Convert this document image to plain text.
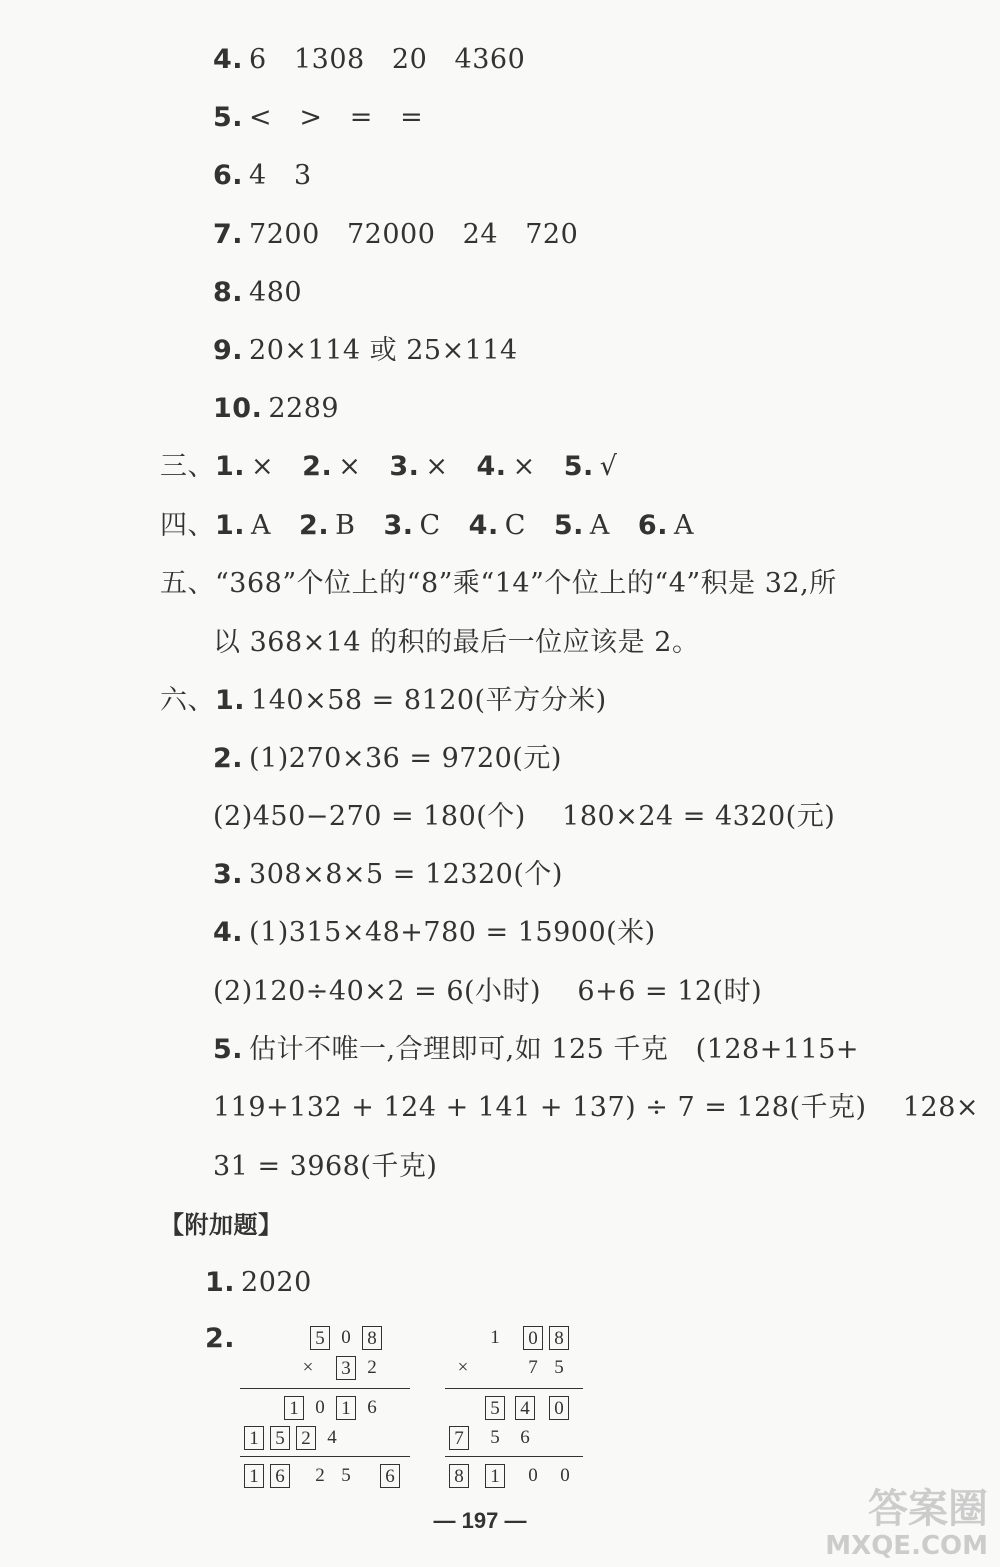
4. 6   1308   20   4360
5. <   >   =   =
6. 4   3
7. 7200   72000   24   720
8. 480
9. 20×114 或 25×114
10. 2289
三、1. × 2. × 3. × 4. × 5. √
四、1. A 2. B 3. C 4. C 5. A 6. A
五、“368”个位上的“8”乘“14”个位上的“4”积是 32,所
以 368×14 的积的最后一位应该是 2。
六、1. 140×58 = 8120(平方分米)
2. (1)270×36 = 9720(元)
(2)450−270 = 180(个)    180×24 = 4320(元)
3. 308×8×5 = 12320(个)
4. (1)315×48+780 = 15900(米)
(2)120÷40×2 = 6(小时)    6+6 = 12(时)
5. 估计不唯一,合理即可,如 125 千克   (128+115+
119+132 + 124 + 141 + 137) ÷ 7 = 128(千克)    128×
31 = 3968(千克)
【附加题】
1. 2020
2.	5 0 8
× 3 2
1 0 1 6
1 5 2 4
1 6 2 5 6
1 0 8
×	7 5
5 4 0
7 5 6
8 1 0 0
— 197 —	答案圈
MXQE.COM
